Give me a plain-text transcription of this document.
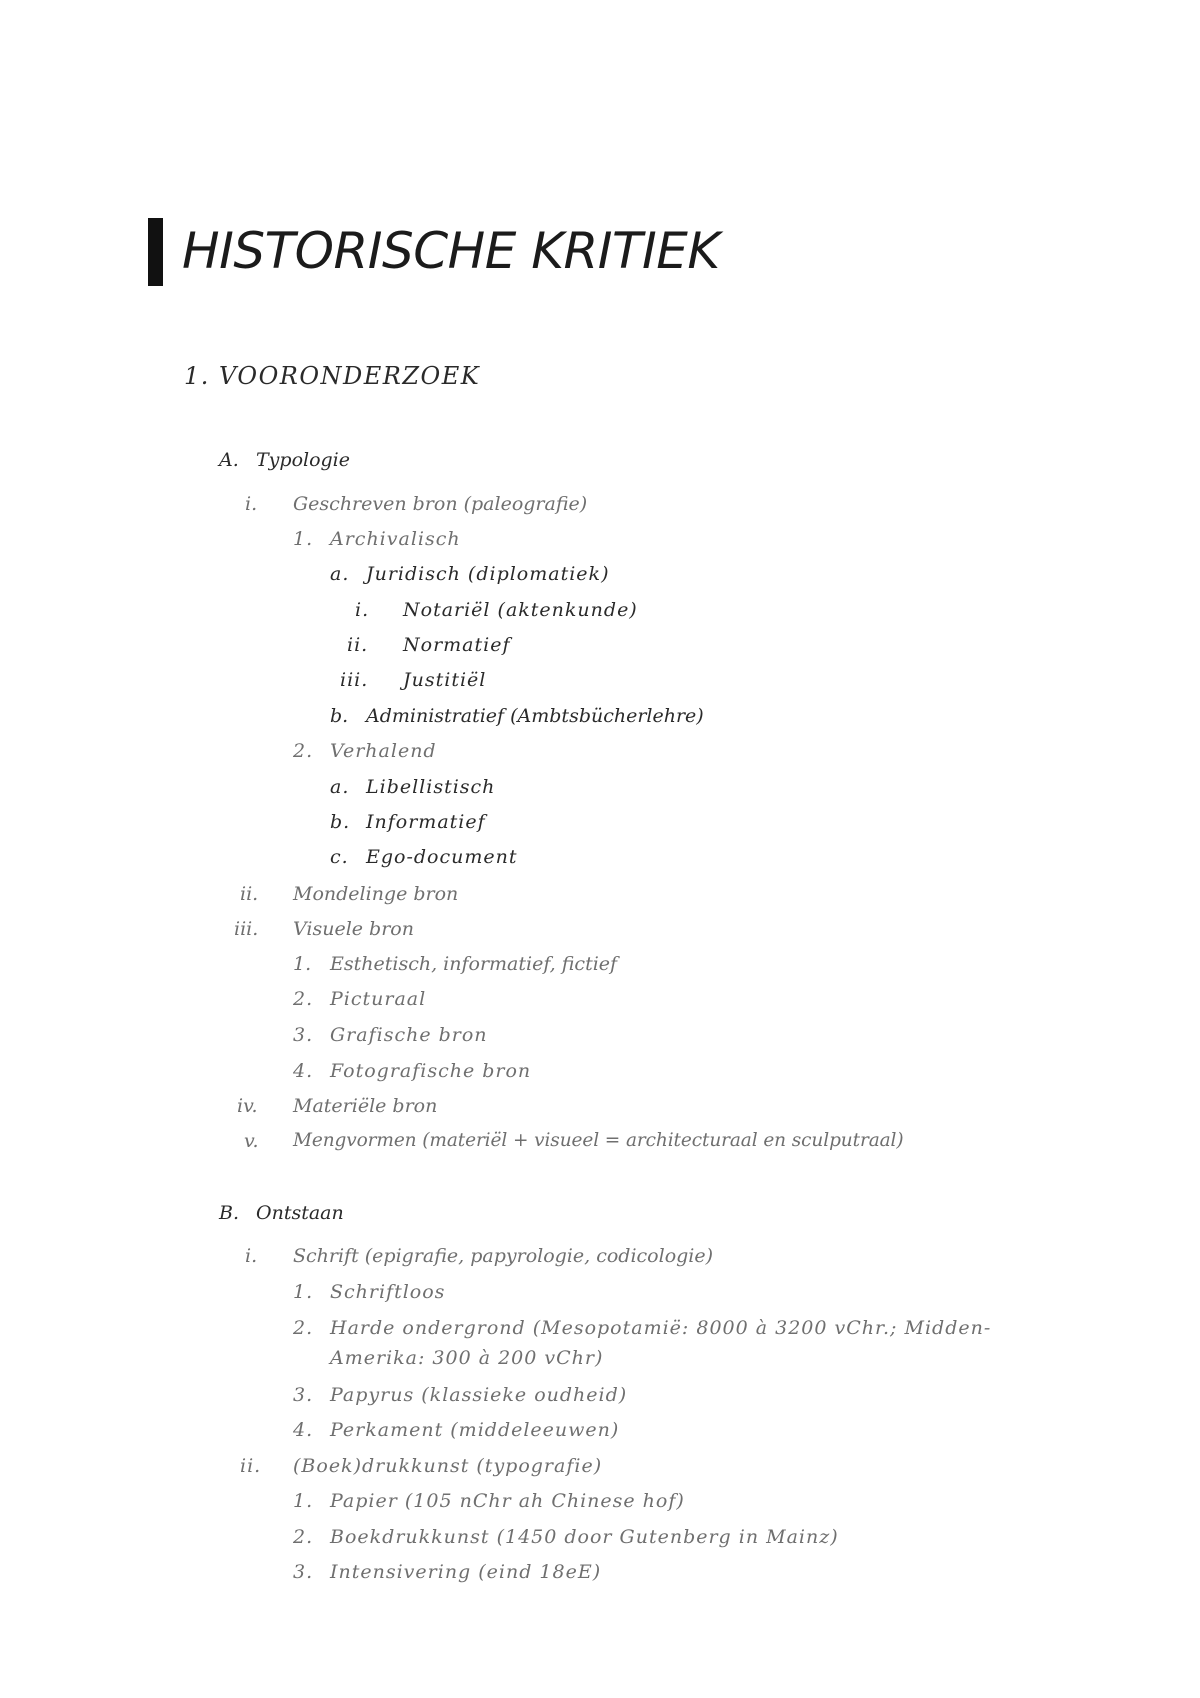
HISTORISCHE KRITIEK
1. VOORONDERZOEK
A. Typologie
i. Geschreven bron (paleografie)
1. Archivalisch
a. Juridisch (diplomatiek)
i. Notariël (aktenkunde)
ii. Normatief
iii. Justitiël
b. Administratief (Ambtsbücherlehre)
2. Verhalend
a. Libellistisch
b. Informatief
c. Ego-document
ii. Mondelinge bron
iii. Visuele bron
1. Esthetisch, informatief, fictief
2. Picturaal
3. Grafische bron
4. Fotografische bron
iv. Materiële bron
v. Mengvormen (materiël + visueel = architecturaal en sculputraal)
B. Ontstaan
i. Schrift (epigrafie, papyrologie, codicologie)
1. Schriftloos
2. Harde ondergrond (Mesopotamië: 8000 à 3200 vChr.; Midden-
Amerika: 300 à 200 vChr)
3. Papyrus (klassieke oudheid)
4. Perkament (middeleeuwen)
ii. (Boek)drukkunst (typografie)
1. Papier (105 nChr ah Chinese hof)
2. Boekdrukkunst (1450 door Gutenberg in Mainz)
3. Intensivering (eind 18eE)
